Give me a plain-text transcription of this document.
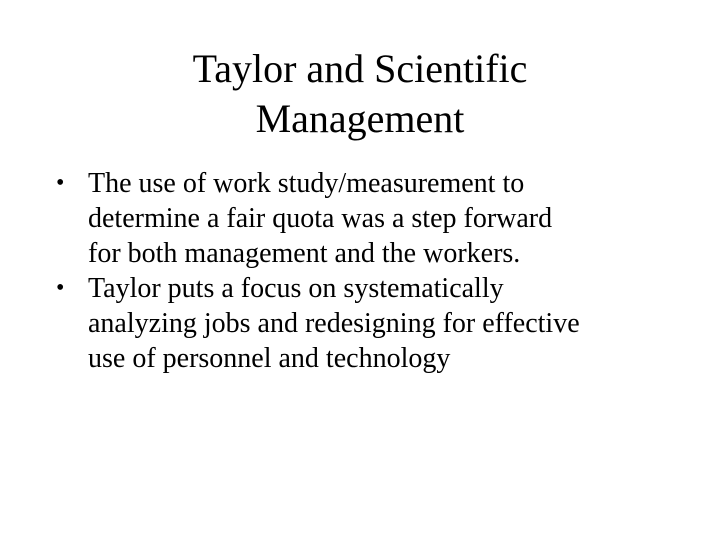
Taylor and Scientific
Management
• The use of work study/measurement to
determine a fair quota was a step forward
for both management and the workers.
• Taylor puts a focus on systematically
analyzing jobs and redesigning for effective
use of personnel and technology
